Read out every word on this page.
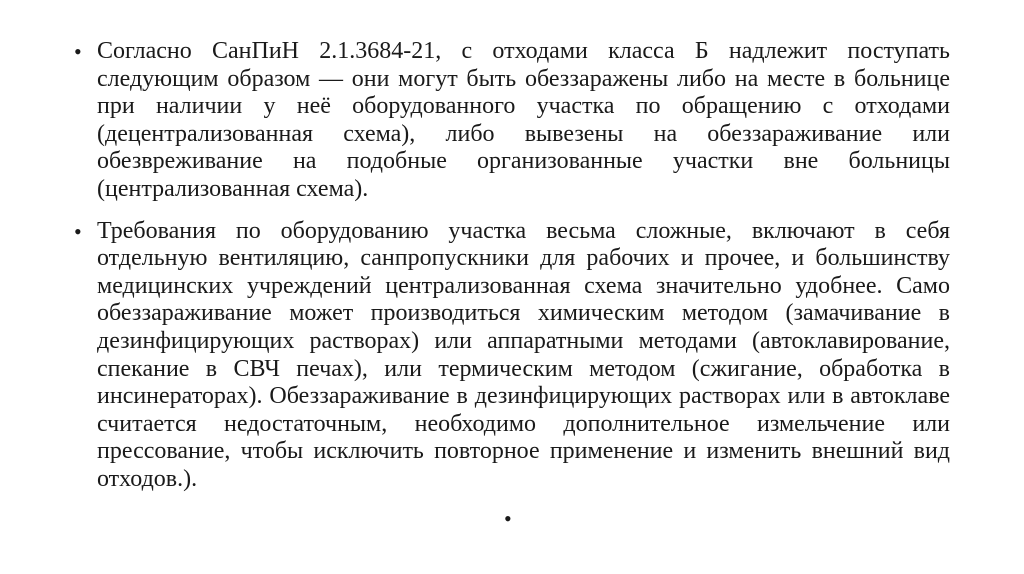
• Согласно СанПиН 2.1.3684-21, с отходами класса Б надлежит поступать следующим образом — они могут быть обеззаражены либо на месте в больнице при наличии у неё оборудованного участка по обращению с отходами (децентрализованная схема), либо вывезены на обеззараживание или обезвреживание на подобные организованные участки вне больницы (централизованная схема).
• Требования по оборудованию участка весьма сложные, включают в себя отдельную вентиляцию, санпропускники для рабочих и прочее, и большинству медицинских учреждений централизованная схема значительно удобнее. Само обеззараживание может производиться химическим методом (замачивание в дезинфицирующих растворах) или аппаратными методами (автоклавирование, спекание в СВЧ печах), или термическим методом (сжигание, обработка в инсинераторах). Обеззараживание в дезинфицирующих растворах или в автоклаве считается недостаточным, необходимо дополнительное измельчение или прессование, чтобы исключить повторное применение и изменить внешний вид отходов.).
•
